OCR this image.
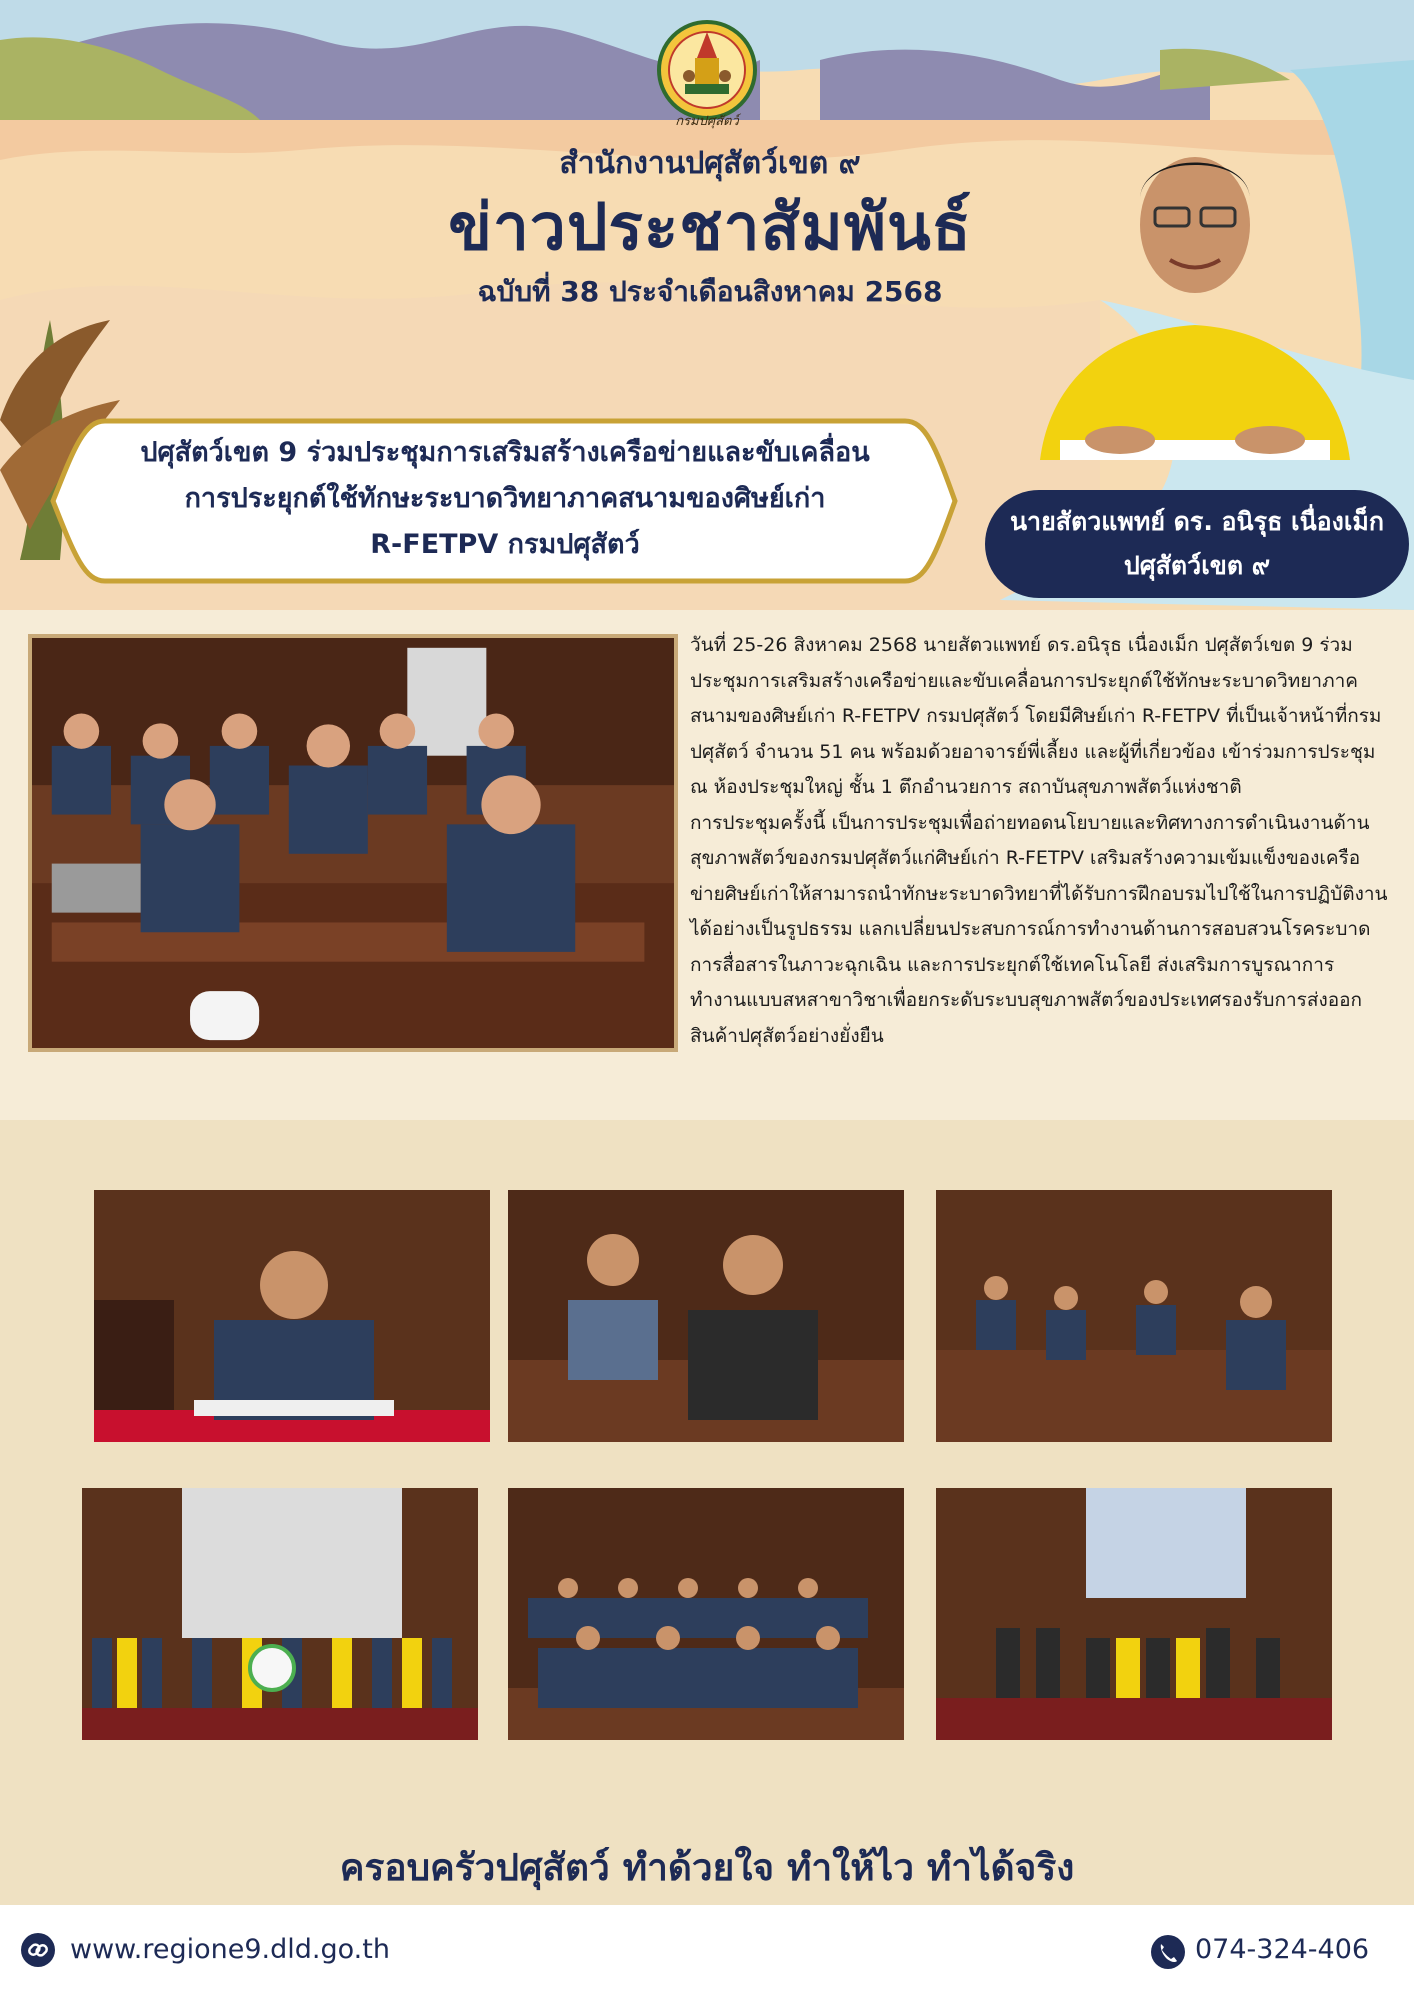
กรมปศุสัตว์
สำนักงานปศุสัตว์เขต ๙
ข่าวประชาสัมพันธ์
ฉบับที่ 38 ประจำเดือนสิงหาคม 2568
ปศุสัตว์เขต 9 ร่วมประชุมการเสริมสร้างเครือข่ายและขับเคลื่อน
การประยุกต์ใช้ทักษะระบาดวิทยาภาคสนามของศิษย์เก่า
R-FETPV กรมปศุสัตว์
นายสัตวแพทย์ ดร. อนิรุธ เนื่องเม็ก
ปศุสัตว์เขต ๙

วันที่ 25-26 สิงหาคม 2568 นายสัตวแพทย์ ดร.อนิรุธ เนื่องเม็ก ปศุสัตว์เขต 9 ร่วมประชุมการเสริมสร้างเครือข่ายและขับเคลื่อนการประยุกต์ใช้ทักษะระบาดวิทยาภาคสนามของศิษย์เก่า R-FETPV กรมปศุสัตว์ โดยมีศิษย์เก่า R-FETPV ที่เป็นเจ้าหน้าที่กรมปศุสัตว์ จำนวน 51 คน พร้อมด้วยอาจารย์พี่เลี้ยง และผู้ที่เกี่ยวข้อง เข้าร่วมการประชุม ณ ห้องประชุมใหญ่ ชั้น 1 ตึกอำนวยการ สถาบันสุขภาพสัตว์แห่งชาติ

การประชุมครั้งนี้ เป็นการประชุมเพื่อถ่ายทอดนโยบายและทิศทางการดำเนินงานด้านสุขภาพสัตว์ของกรมปศุสัตว์แก่ศิษย์เก่า R-FETPV เสริมสร้างความเข้มแข็งของเครือข่ายศิษย์เก่าให้สามารถนำทักษะระบาดวิทยาที่ได้รับการฝึกอบรมไปใช้ในการปฏิบัติงานได้อย่างเป็นรูปธรรม แลกเปลี่ยนประสบการณ์การทำงานด้านการสอบสวนโรคระบาด การสื่อสารในภาวะฉุกเฉิน และการประยุกต์ใช้เทคโนโลยี ส่งเสริมการบูรณาการทำงานแบบสหสาขาวิชาเพื่อยกระดับระบบสุขภาพสัตว์ของประเทศรองรับการส่งออกสินค้าปศุสัตว์อย่างยั่งยืน

ครอบครัวปศุสัตว์ ทำด้วยใจ ทำให้ไว ทำได้จริง
www.regione9.dld.go.th	074-324-406
